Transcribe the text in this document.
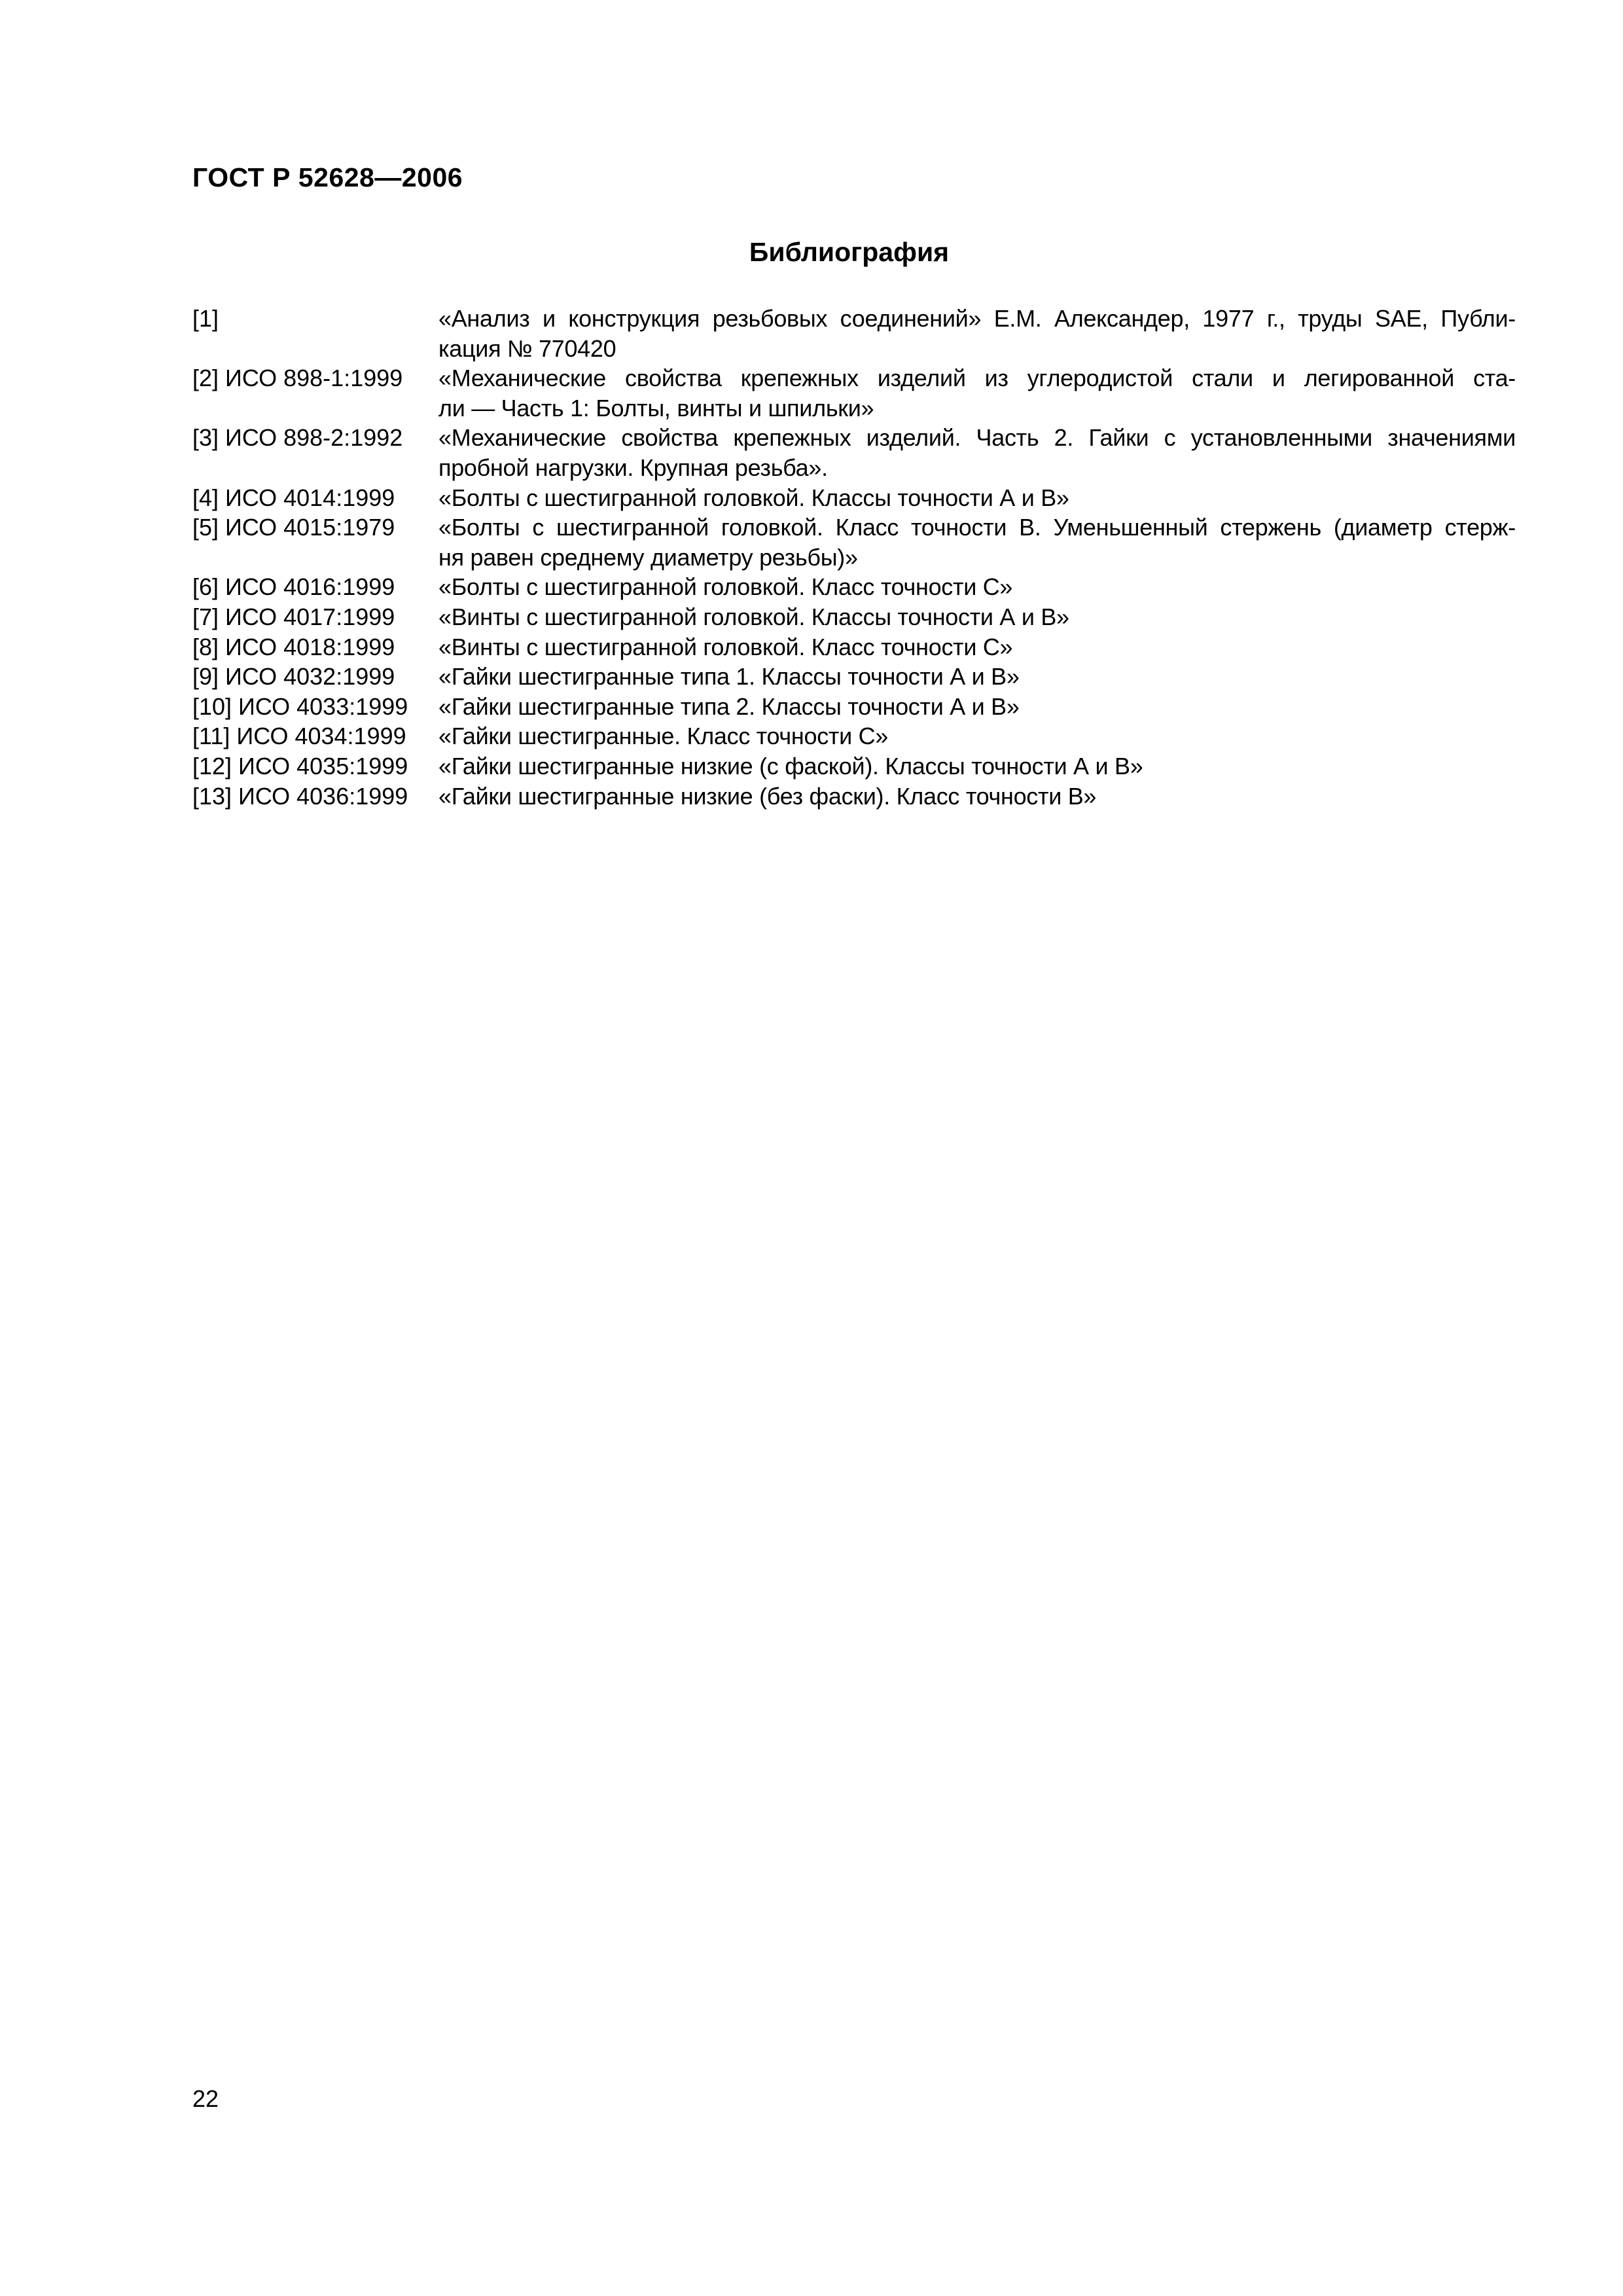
ГОСТ Р 52628—2006
Библиография
[1]	«Анализ и конструкция резьбовых соединений» Е.М. Александер, 1977 г., труды SAE, Публи-
кация № 770420
[2] ИСО 898-1:1999	«Механические свойства крепежных изделий из углеродистой стали и легированной ста-
ли — Часть 1: Болты, винты и шпильки»
[3] ИСО 898-2:1992	«Механические свойства крепежных изделий. Часть 2. Гайки с установленными значениями
пробной нагрузки. Крупная резьба».
[4] ИСО 4014:1999	«Болты с шестигранной головкой. Классы точности А и В»
[5] ИСО 4015:1979	«Болты с шестигранной головкой. Класс точности В. Уменьшенный стержень (диаметр стерж-
ня равен среднему диаметру резьбы)»
[6] ИСО 4016:1999	«Болты с шестигранной головкой. Класс точности С»
[7] ИСО 4017:1999	«Винты с шестигранной головкой. Классы точности А и В»
[8] ИСО 4018:1999	«Винты с шестигранной головкой. Класс точности С»
[9] ИСО 4032:1999	«Гайки шестигранные типа 1. Классы точности А и В»
[10] ИСО 4033:1999	«Гайки шестигранные типа 2. Классы точности А и В»
[11] ИСО 4034:1999	«Гайки шестигранные. Класс точности С»
[12] ИСО 4035:1999	«Гайки шестигранные низкие (с фаской). Классы точности А и В»
[13] ИСО 4036:1999	«Гайки шестигранные низкие (без фаски). Класс точности В»
22
